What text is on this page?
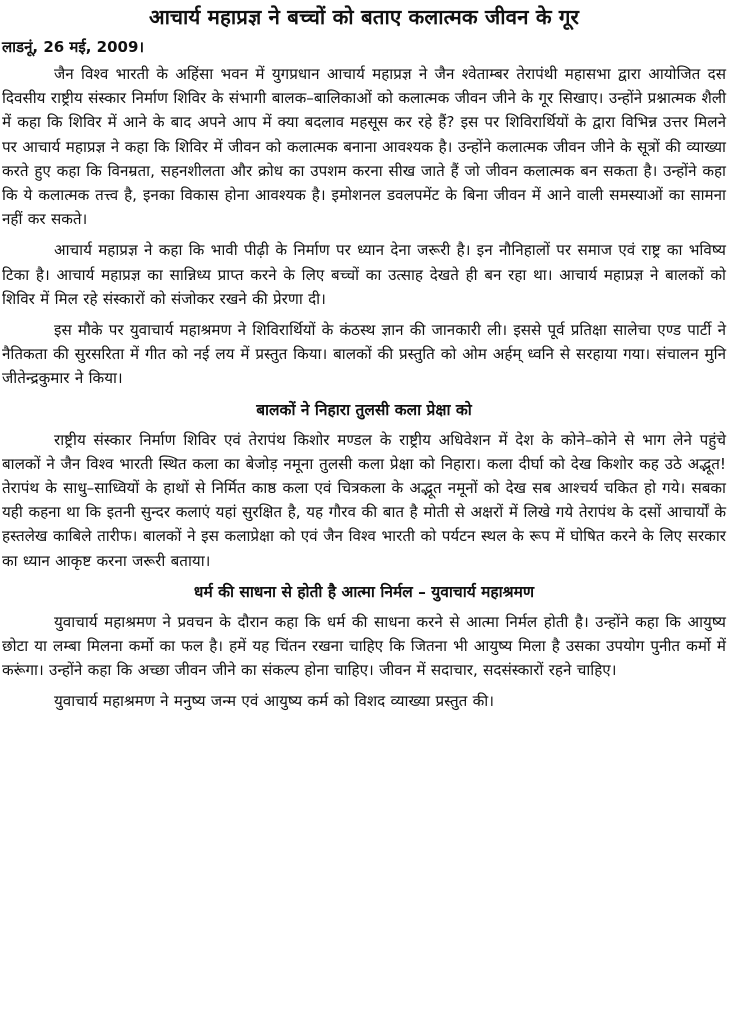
आचार्य महाप्रज्ञ ने बच्चों को बताए कलात्मक जीवन के गूर
लाडनूं, 26 मई, 2009।

जैन विश्व भारती के अहिंसा भवन में युगप्रधान आचार्य महाप्रज्ञ ने जैन श्वेताम्बर तेरापंथी महासभा द्वारा आयोजित दस दिवसीय राष्ट्रीय संस्कार निर्माण शिविर के संभागी बालक–बालिकाओं को कलात्मक जीवन जीने के गूर सिखाए। उन्होंने प्रश्नात्मक शैली में कहा कि शिविर में आने के बाद अपने आप में क्या बदलाव महसूस कर रहे हैं? इस पर शिविरार्थियों के द्वारा विभिन्न उत्तर मिलने पर आचार्य महाप्रज्ञ ने कहा कि शिविर में जीवन को कलात्मक बनाना आवश्यक है। उन्होंने कलात्मक जीवन जीने के सूत्रों की व्याख्या करते हुए कहा कि विनम्रता, सहनशीलता और क्रोध का उपशम करना सीख जाते हैं जो जीवन कलात्मक बन सकता है। उन्होंने कहा कि ये कलात्मक तत्त्व है, इनका विकास होना आवश्यक है। इमोशनल डवलपमेंट के बिना जीवन में आने वाली समस्याओं का सामना नहीं कर सकते।

आचार्य महाप्रज्ञ ने कहा कि भावी पीढ़ी के निर्माण पर ध्यान देना जरूरी है। इन नौनिहालों पर समाज एवं राष्ट्र का भविष्य टिका है। आचार्य महाप्रज्ञ का सान्निध्य प्राप्त करने के लिए बच्चों का उत्साह देखते ही बन रहा था। आचार्य महाप्रज्ञ ने बालकों को शिविर में मिल रहे संस्कारों को संजोकर रखने की प्रेरणा दी।

इस मौके पर युवाचार्य महाश्रमण ने शिविरार्थियों के कंठस्थ ज्ञान की जानकारी ली। इससे पूर्व प्रतिक्षा सालेचा एण्ड पार्टी ने नैतिकता की सुरसरिता में गीत को नई लय में प्रस्तुत किया। बालकों की प्रस्तुति को ओम अर्हम् ध्वनि से सरहाया गया। संचालन मुनि जीतेन्द्रकुमार ने किया।

बालकों ने निहारा तुलसी कला प्रेक्षा को

राष्ट्रीय संस्कार निर्माण शिविर एवं तेरापंथ किशोर मण्डल के राष्ट्रीय अधिवेशन में देश के कोने–कोने से भाग लेने पहुंचे बालकों ने जैन विश्व भारती स्थित कला का बेजोड़ नमूना तुलसी कला प्रेक्षा को निहारा। कला दीर्घा को देख किशोर कह उठे अद्भूत! तेरापंथ के साधु–साध्वियों के हाथों से निर्मित काष्ठ कला एवं चित्रकला के अद्भूत नमूनों को देख सब आश्चर्य चकित हो गये। सबका यही कहना था कि इतनी सुन्दर कलाएं यहां सुरक्षित है, यह गौरव की बात है मोती से अक्षरों में लिखे गये तेरापंथ के दसों आचार्यों के हस्तलेख काबिले तारीफ। बालकों ने इस कलाप्रेक्षा को एवं जैन विश्व भारती को पर्यटन स्थल के रूप में घोषित करने के लिए सरकार का ध्यान आकृष्ट करना जरूरी बताया।

धर्म की साधना से होती है आत्मा निर्मल – युवाचार्य महाश्रमण

युवाचार्य महाश्रमण ने प्रवचन के दौरान कहा कि धर्म की साधना करने से आत्मा निर्मल होती है। उन्होंने कहा कि आयुष्य छोटा या लम्बा मिलना कर्मो का फल है। हमें यह चिंतन रखना चाहिए कि जितना भी आयुष्य मिला है उसका उपयोग पुनीत कर्मो में करूंगा। उन्होंने कहा कि अच्छा जीवन जीने का संकल्प होना चाहिए। जीवन में सदाचार, सदसंस्कारों रहने चाहिए।

युवाचार्य महाश्रमण ने मनुष्य जन्म एवं आयुष्य कर्म को विशद व्याख्या प्रस्तुत की।
